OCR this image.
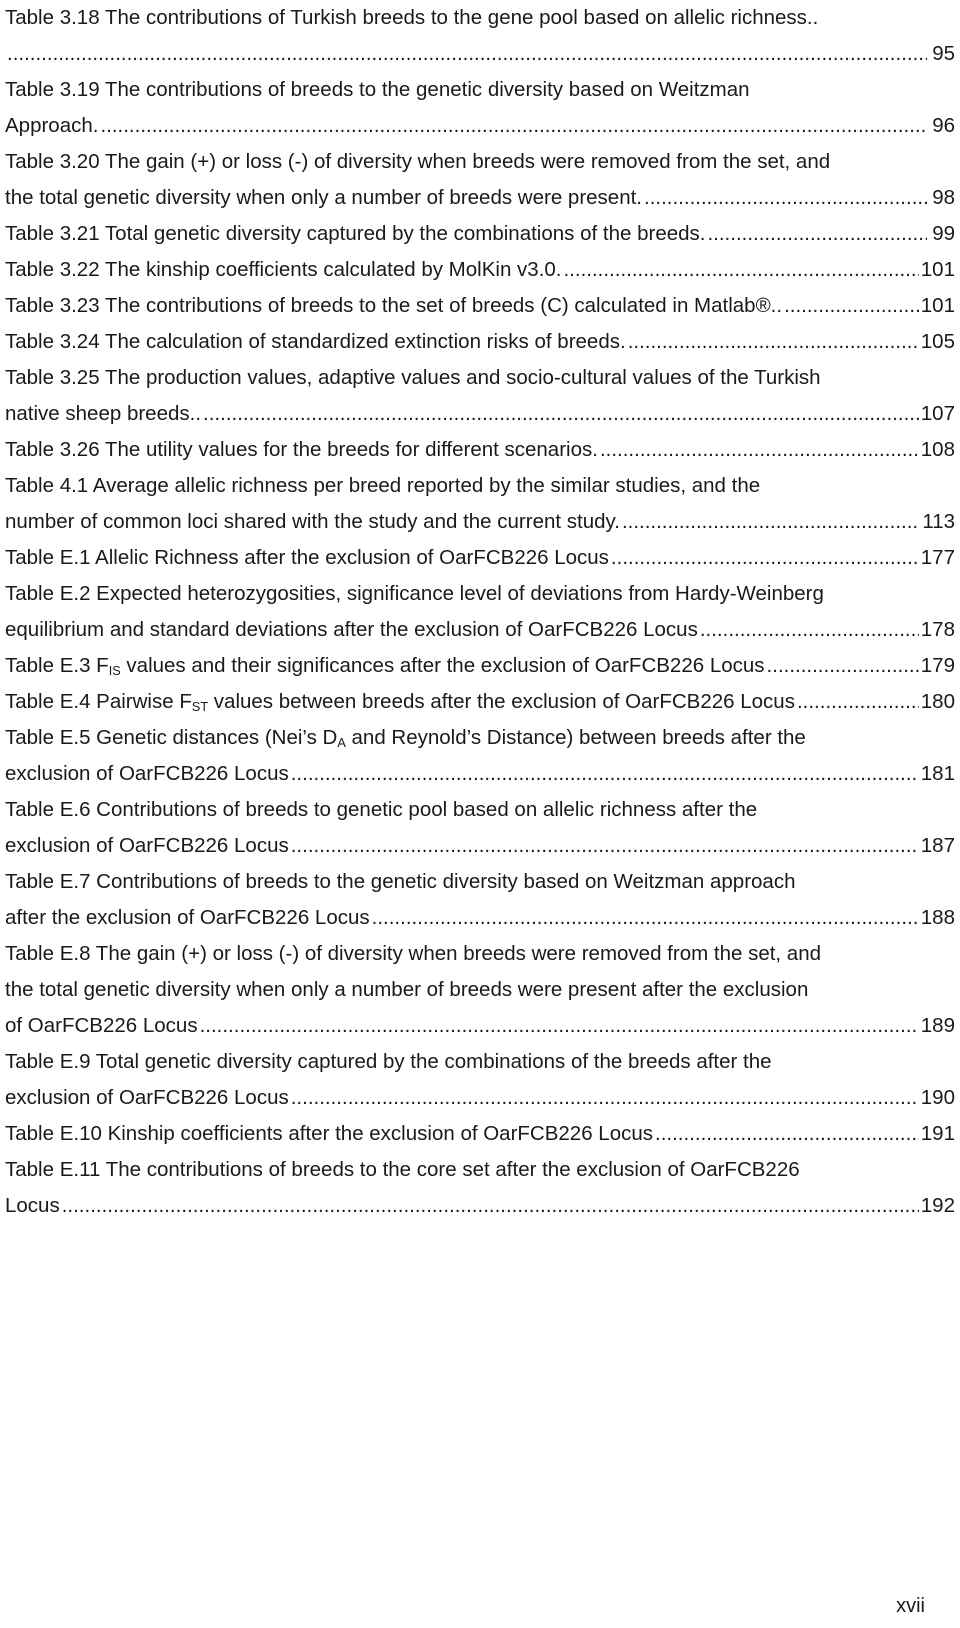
Table 3.18 The contributions of Turkish breeds to the gene pool based on allelic richness..
.....
95
Table 3.19 The contributions of breeds to the genetic diversity based on Weitzman
Approach. .....	96
Table 3.20 The gain (+) or loss (-) of diversity when breeds were removed from the set, and
the total genetic diversity when only a number of breeds were present. .....	98
Table 3.21 Total genetic diversity captured by the combinations of the breeds. .....	99
Table 3.22 The kinship coefficients calculated by MolKin v3.0. .....	101
Table 3.23 The contributions of breeds to the set of breeds (C) calculated in Matlab®.. .....	101
Table 3.24 The calculation of standardized extinction risks of breeds. .....	105
Table 3.25 The production values, adaptive values and socio-cultural values of the Turkish
native sheep breeds.. .....	107
Table 3.26 The utility values for the breeds for different scenarios. .....	108
Table 4.1 Average allelic richness per breed reported by the similar studies, and the
number of common loci shared with the study and the current study. .....	113
Table E.1 Allelic Richness after the exclusion of OarFCB226 Locus .....	177
Table E.2 Expected heterozygosities, significance level of deviations from Hardy-Weinberg
equilibrium and standard deviations after the exclusion of OarFCB226 Locus .....	178
Table E.3 $F_{IS}$ values and their significances after the exclusion of OarFCB226 Locus .....	179
Table E.4 Pairwise $F_{ST}$ values between breeds after the exclusion of OarFCB226 Locus .....	180
Table E.5 Genetic distances (Nei’s $D_A$ and Reynold’s Distance) between breeds after the
exclusion of OarFCB226 Locus .....	181
Table E.6 Contributions of breeds to genetic pool based on allelic richness after the
exclusion of OarFCB226 Locus .....	187
Table E.7 Contributions of breeds to the genetic diversity based on Weitzman approach
after the exclusion of OarFCB226 Locus .....	188
Table E.8 The gain (+) or loss (-) of diversity when breeds were removed from the set, and
the total genetic diversity when only a number of breeds were present after the exclusion
of OarFCB226 Locus .....	189
Table E.9 Total genetic diversity captured by the combinations of the breeds after the
exclusion of OarFCB226 Locus .....	190
Table E.10 Kinship coefficients after the exclusion of OarFCB226 Locus .....	191
Table E.11 The contributions of breeds to the core set after the exclusion of OarFCB226
Locus .....	192
xvii
